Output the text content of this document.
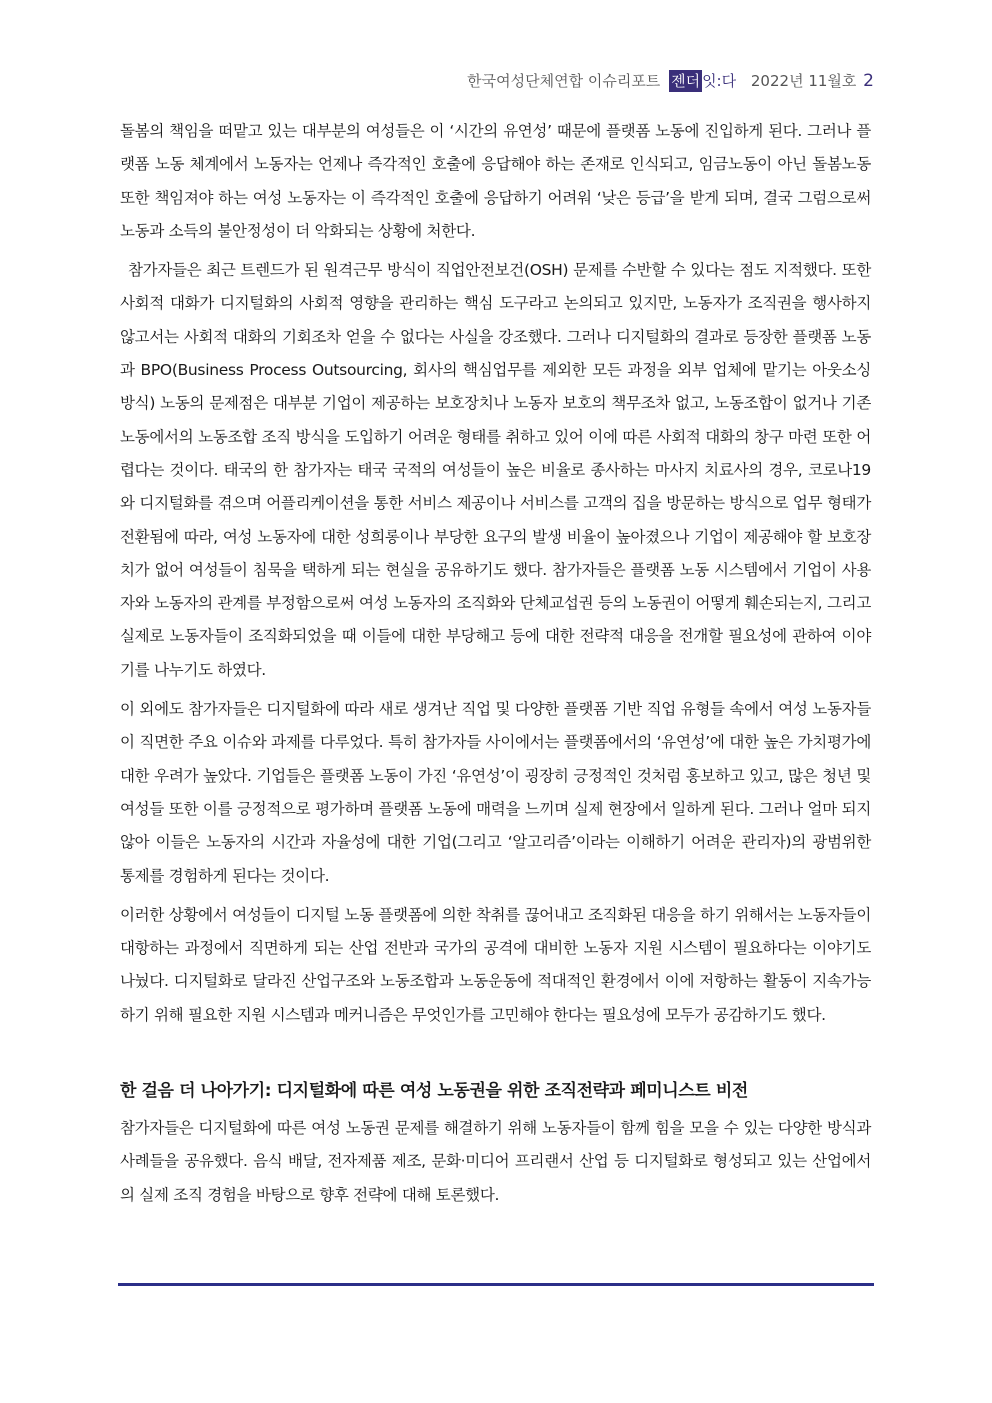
한국여성단체연합 이슈리포트 젠더 잇:다 2022년 11월호 2

돌봄의 책임을 떠맡고 있는 대부분의 여성들은 이 ‘시간의 유연성’ 때문에 플랫폼 노동에 진입하게 된다. 그러나 플랫폼 노동 체계에서 노동자는 언제나 즉각적인 호출에 응답해야 하는 존재로 인식되고, 임금노동이 아닌 돌봄노동 또한 책임져야 하는 여성 노동자는 이 즉각적인 호출에 응답하기 어려워 ‘낮은 등급’을 받게 되며, 결국 그럼으로써 노동과 소득의 불안정성이 더 악화되는 상황에 처한다.

참가자들은 최근 트렌드가 된 원격근무 방식이 직업안전보건(OSH) 문제를 수반할 수 있다는 점도 지적했다. 또한 사회적 대화가 디지털화의 사회적 영향을 관리하는 핵심 도구라고 논의되고 있지만, 노동자가 조직권을 행사하지 않고서는 사회적 대화의 기회조차 얻을 수 없다는 사실을 강조했다. 그러나 디지털화의 결과로 등장한 플랫폼 노동과 BPO(Business Process Outsourcing, 회사의 핵심업무를 제외한 모든 과정을 외부 업체에 맡기는 아웃소싱 방식) 노동의 문제점은 대부분 기업이 제공하는 보호장치나 노동자 보호의 책무조차 없고, 노동조합이 없거나 기존 노동에서의 노동조합 조직 방식을 도입하기 어려운 형태를 취하고 있어 이에 따른 사회적 대화의 창구 마련 또한 어렵다는 것이다. 태국의 한 참가자는 태국 국적의 여성들이 높은 비율로 종사하는 마사지 치료사의 경우, 코로나19와 디지털화를 겪으며 어플리케이션을 통한 서비스 제공이나 서비스를 고객의 집을 방문하는 방식으로 업무 형태가 전환됨에 따라, 여성 노동자에 대한 성희롱이나 부당한 요구의 발생 비율이 높아졌으나 기업이 제공해야 할 보호장치가 없어 여성들이 침묵을 택하게 되는 현실을 공유하기도 했다. 참가자들은 플랫폼 노동 시스템에서 기업이 사용자와 노동자의 관계를 부정함으로써 여성 노동자의 조직화와 단체교섭권 등의 노동권이 어떻게 훼손되는지, 그리고 실제로 노동자들이 조직화되었을 때 이들에 대한 부당해고 등에 대한 전략적 대응을 전개할 필요성에 관하여 이야기를 나누기도 하였다.

이 외에도 참가자들은 디지털화에 따라 새로 생겨난 직업 및 다양한 플랫폼 기반 직업 유형들 속에서 여성 노동자들이 직면한 주요 이슈와 과제를 다루었다. 특히 참가자들 사이에서는 플랫폼에서의 ‘유연성’에 대한 높은 가치평가에 대한 우려가 높았다. 기업들은 플랫폼 노동이 가진 ‘유연성’이 굉장히 긍정적인 것처럼 홍보하고 있고, 많은 청년 및 여성들 또한 이를 긍정적으로 평가하며 플랫폼 노동에 매력을 느끼며 실제 현장에서 일하게 된다. 그러나 얼마 되지 않아 이들은 노동자의 시간과 자율성에 대한 기업(그리고 ‘알고리즘’이라는 이해하기 어려운 관리자)의 광범위한 통제를 경험하게 된다는 것이다.

이러한 상황에서 여성들이 디지털 노동 플랫폼에 의한 착취를 끊어내고 조직화된 대응을 하기 위해서는 노동자들이 대항하는 과정에서 직면하게 되는 산업 전반과 국가의 공격에 대비한 노동자 지원 시스템이 필요하다는 이야기도 나눴다. 디지털화로 달라진 산업구조와 노동조합과 노동운동에 적대적인 환경에서 이에 저항하는 활동이 지속가능하기 위해 필요한 지원 시스템과 메커니즘은 무엇인가를 고민해야 한다는 필요성에 모두가 공감하기도 했다.

한 걸음 더 나아가기: 디지털화에 따른 여성 노동권을 위한 조직전략과 페미니스트 비전

참가자들은 디지털화에 따른 여성 노동권 문제를 해결하기 위해 노동자들이 함께 힘을 모을 수 있는 다양한 방식과 사례들을 공유했다. 음식 배달, 전자제품 제조, 문화·미디어 프리랜서 산업 등 디지털화로 형성되고 있는 산업에서의 실제 조직 경험을 바탕으로 향후 전략에 대해 토론했다.
